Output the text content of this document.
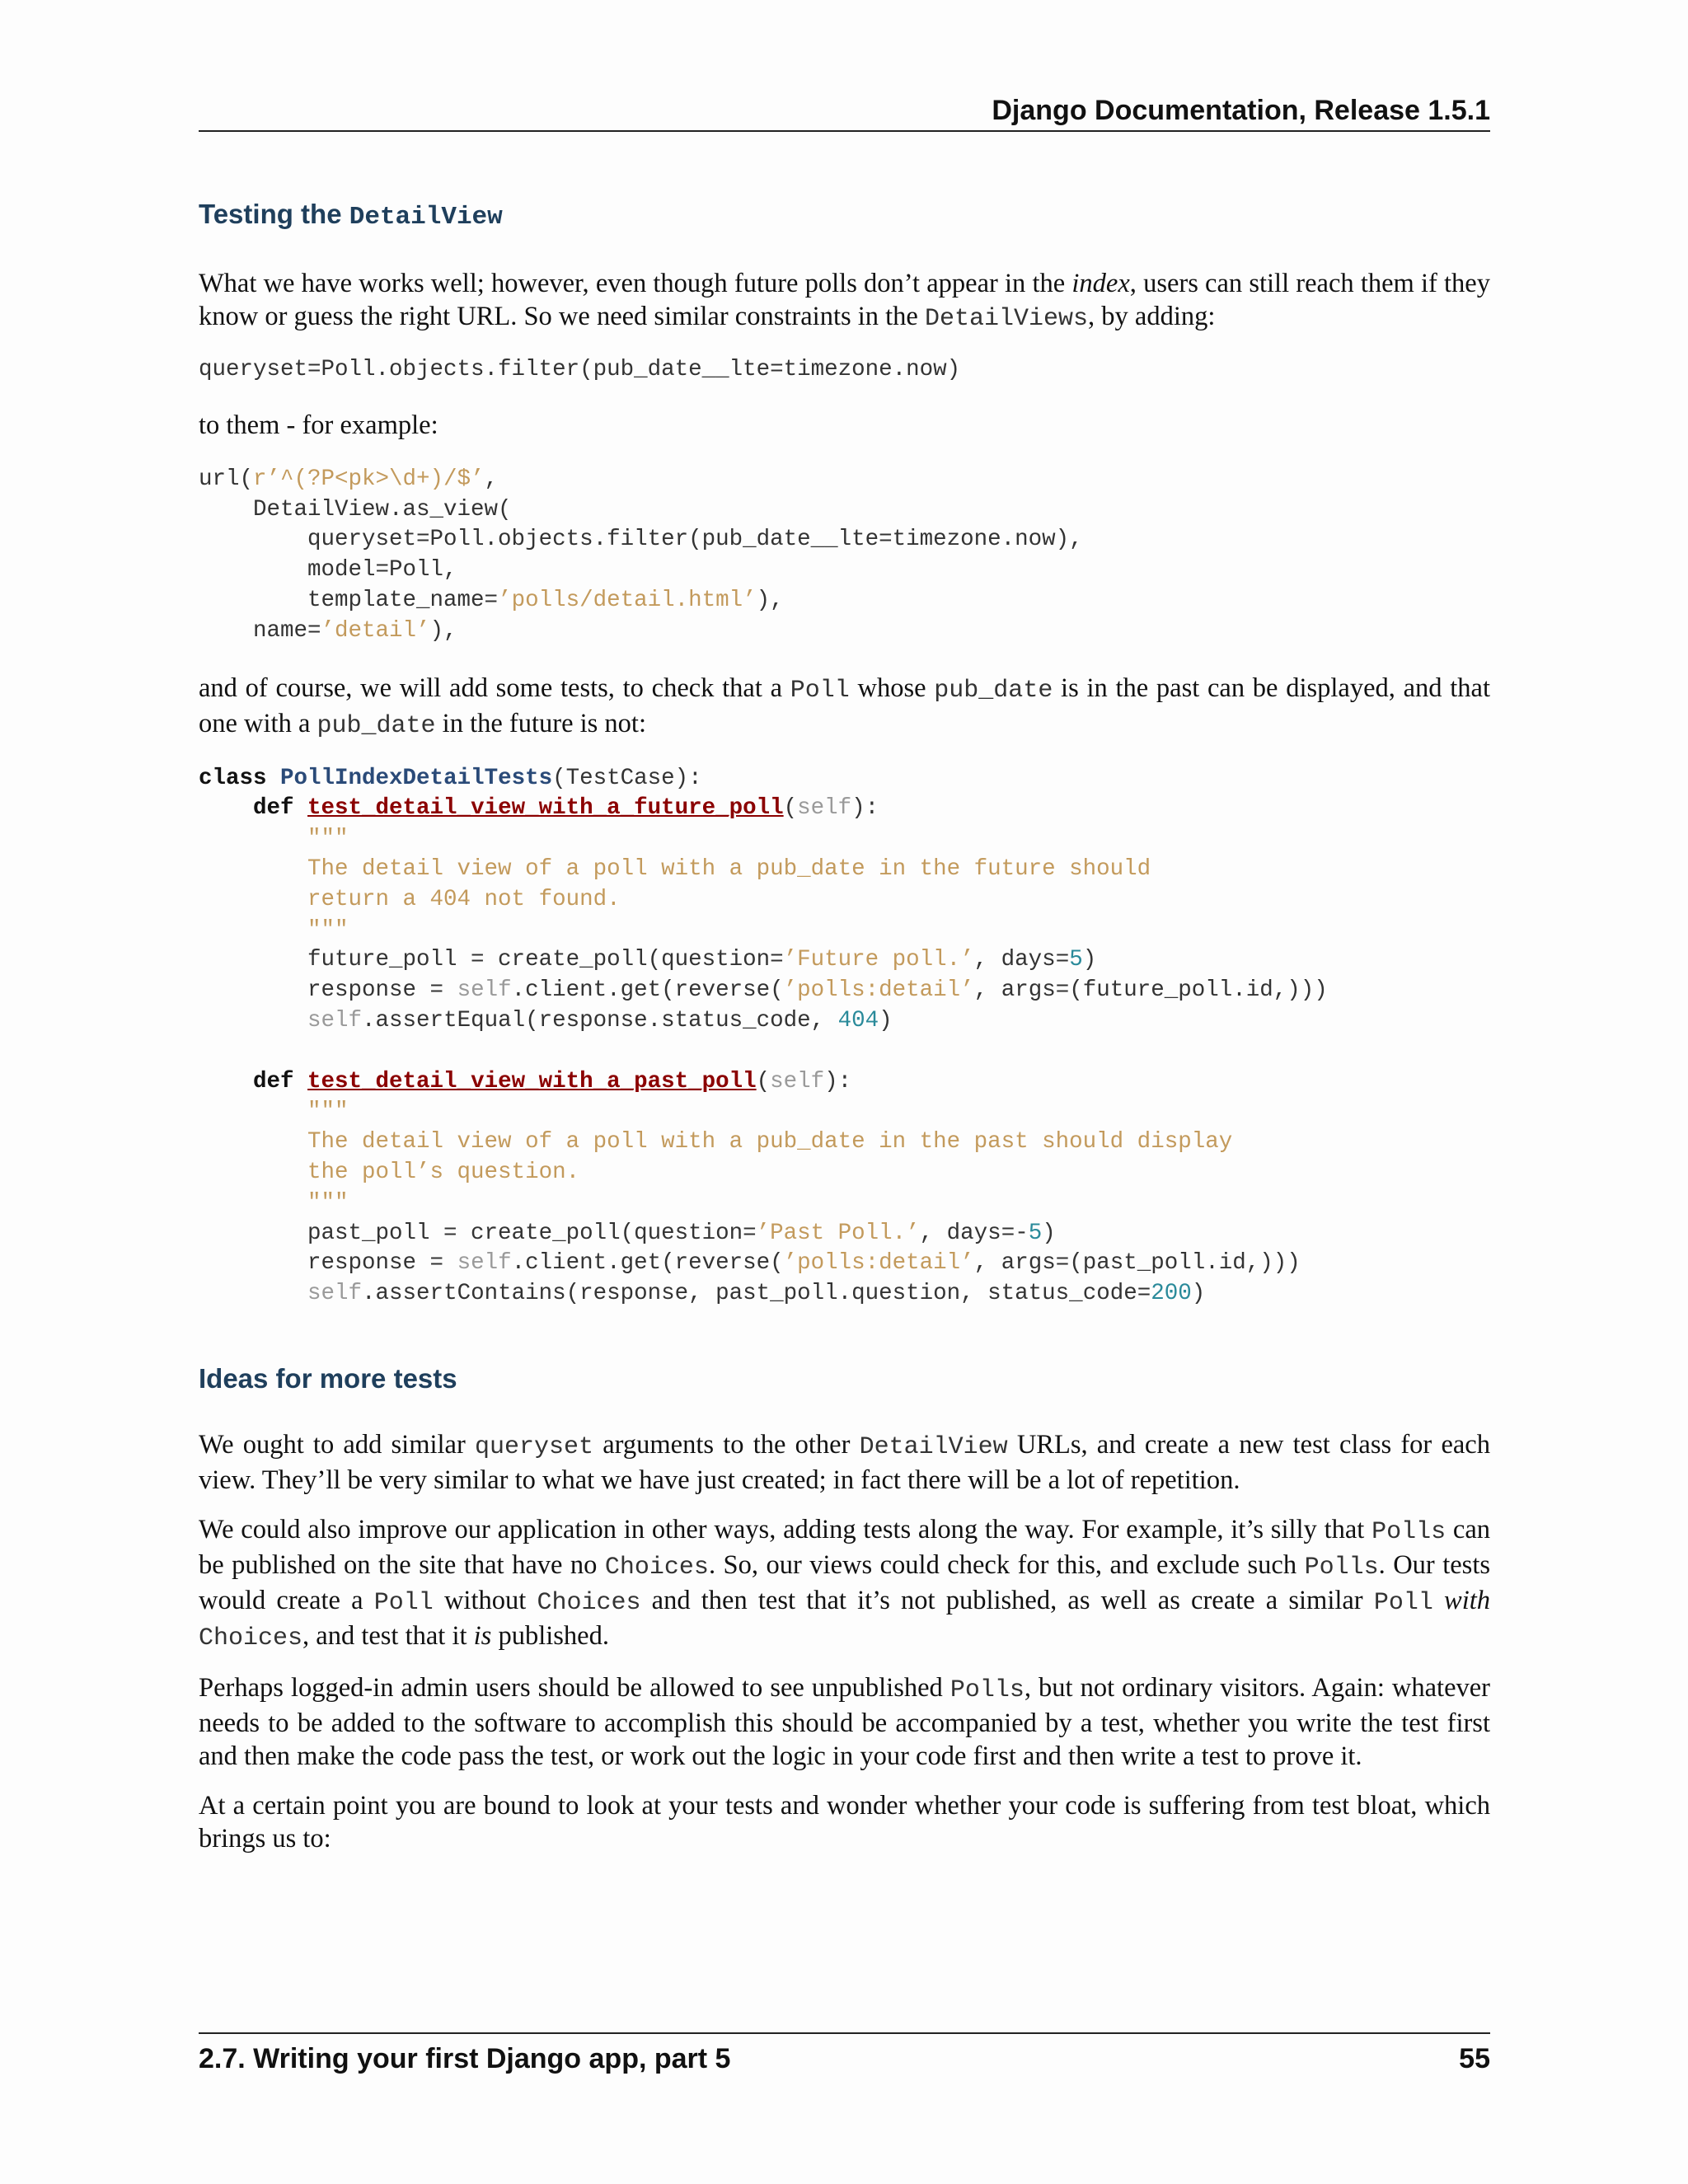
Django Documentation, Release 1.5.1
Testing the DetailView

What we have works well; however, even though future polls don’t appear in the index, users can still reach them if they know or guess the right URL. So we need similar constraints in the DetailViews, by adding:

queryset=Poll.objects.filter(pub_date__lte=timezone.now)

to them - for example:

url(r’^(?P<pk>\d+)/$’,
DetailView.as_view(
queryset=Poll.objects.filter(pub_date__lte=timezone.now),
model=Poll,
template_name=’polls/detail.html’),
name=’detail’),

and of course, we will add some tests, to check that a Poll whose pub_date is in the past can be displayed, and that one with a pub_date in the future is not:

class PollIndexDetailTests(TestCase):
def test_detail_view_with_a_future_poll(self):
"""
The detail view of a poll with a pub_date in the future should
return a 404 not found.
"""
future_poll = create_poll(question=’Future poll.’, days=5)
response = self.client.get(reverse(’polls:detail’, args=(future_poll.id,)))
self.assertEqual(response.status_code, 404)

def test_detail_view_with_a_past_poll(self):
"""
The detail view of a poll with a pub_date in the past should display
the poll’s question.
"""
past_poll = create_poll(question=’Past Poll.’, days=-5)
response = self.client.get(reverse(’polls:detail’, args=(past_poll.id,)))
self.assertContains(response, past_poll.question, status_code=200)
Ideas for more tests

We ought to add similar queryset arguments to the other DetailView URLs, and create a new test class for each view. They’ll be very similar to what we have just created; in fact there will be a lot of repetition.

We could also improve our application in other ways, adding tests along the way. For example, it’s silly that Polls can be published on the site that have no Choices. So, our views could check for this, and exclude such Polls. Our tests would create a Poll without Choices and then test that it’s not published, as well as create a similar Poll with Choices, and test that it is published.

Perhaps logged-in admin users should be allowed to see unpublished Polls, but not ordinary visitors. Again: whatever needs to be added to the software to accomplish this should be accompanied by a test, whether you write the test first and then make the code pass the test, or work out the logic in your code first and then write a test to prove it.

At a certain point you are bound to look at your tests and wonder whether your code is suffering from test bloat, which brings us to:

2.7. Writing your first Django app, part 5	55
